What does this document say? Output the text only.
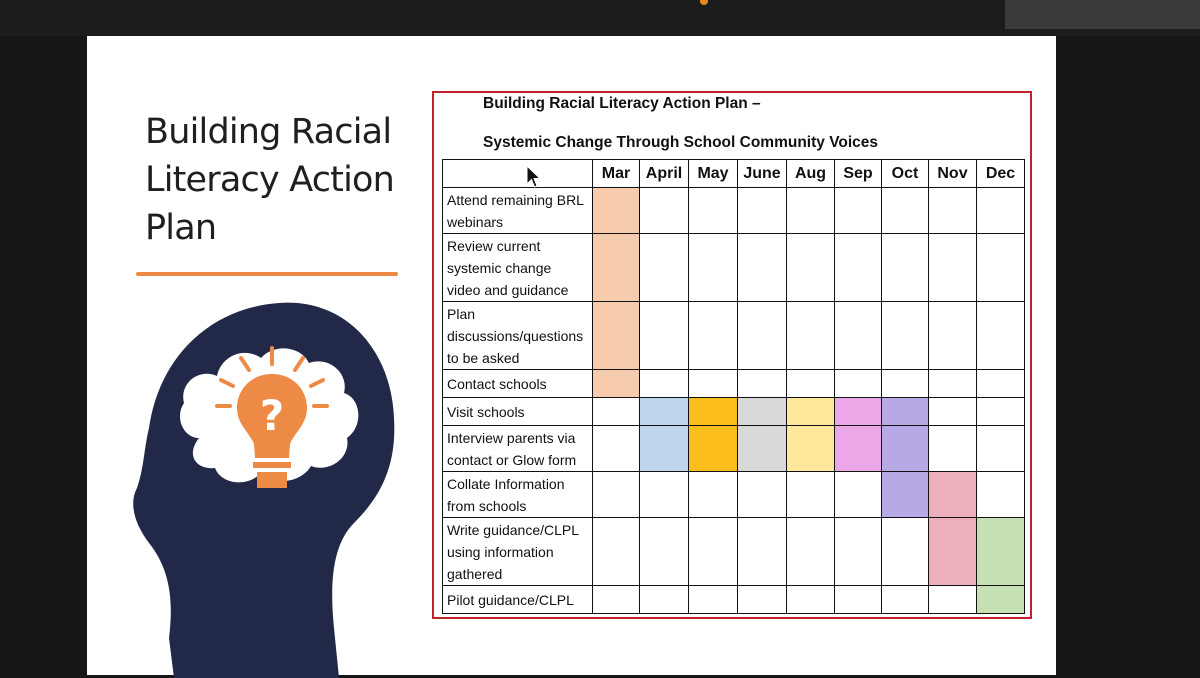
Building Racial
Literacy Action
Plan
?

Building Racial Literacy Action Plan –

Systemic Change Through School Community Voices

	Mar	April	May	June	Aug	Sep	Oct	Nov	Dec
Attend remaining BRL webinars									
Review current systemic change video and guidance									
Plan discussions/questions to be asked									
Contact schools									
Visit schools									
Interview parents via contact or Glow form									
Collate Information from schools									
Write guidance/CLPL using information gathered									
Pilot guidance/CLPL									
